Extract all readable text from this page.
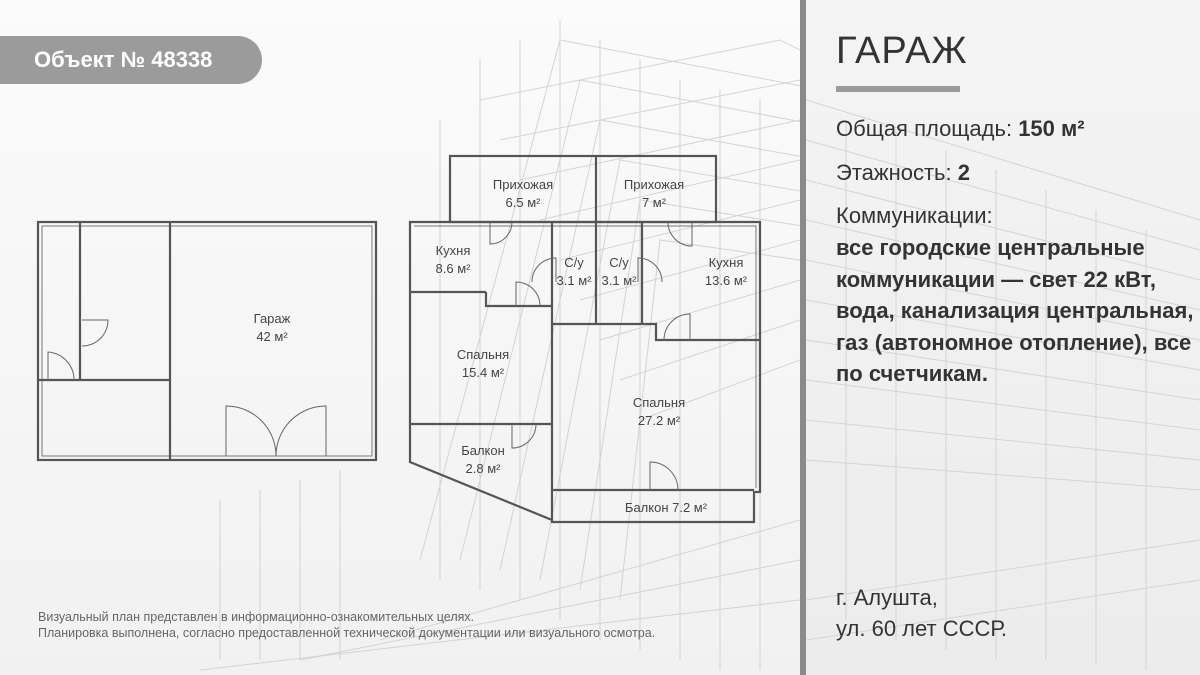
Объект № 48338
Гараж
42 м²
Прихожая
6.5 м²
Прихожая
7 м²
Кухня
8.6 м²	С/у
3.1 м²
С/у
3.1 м²
Кухня
13.6 м²
Спальня
15.4 м²
Спальня
27.2 м²
Балкон
2.8 м²
Балкон 7.2 м²
Визуальный план представлен в информационно-ознакомительных целях.
Планировка выполнена, согласно предоставленной технической документации или визуального осмотра.
ГАРАЖ
Общая площадь: 150 м²
Этажность: 2
Коммуникации:
все городские центральные коммуникации — свет 22 кВт, вода, канализация центральная, газ (автономное отопление), все по счетчикам.
г. Алушта,
ул. 60 лет СССР.
